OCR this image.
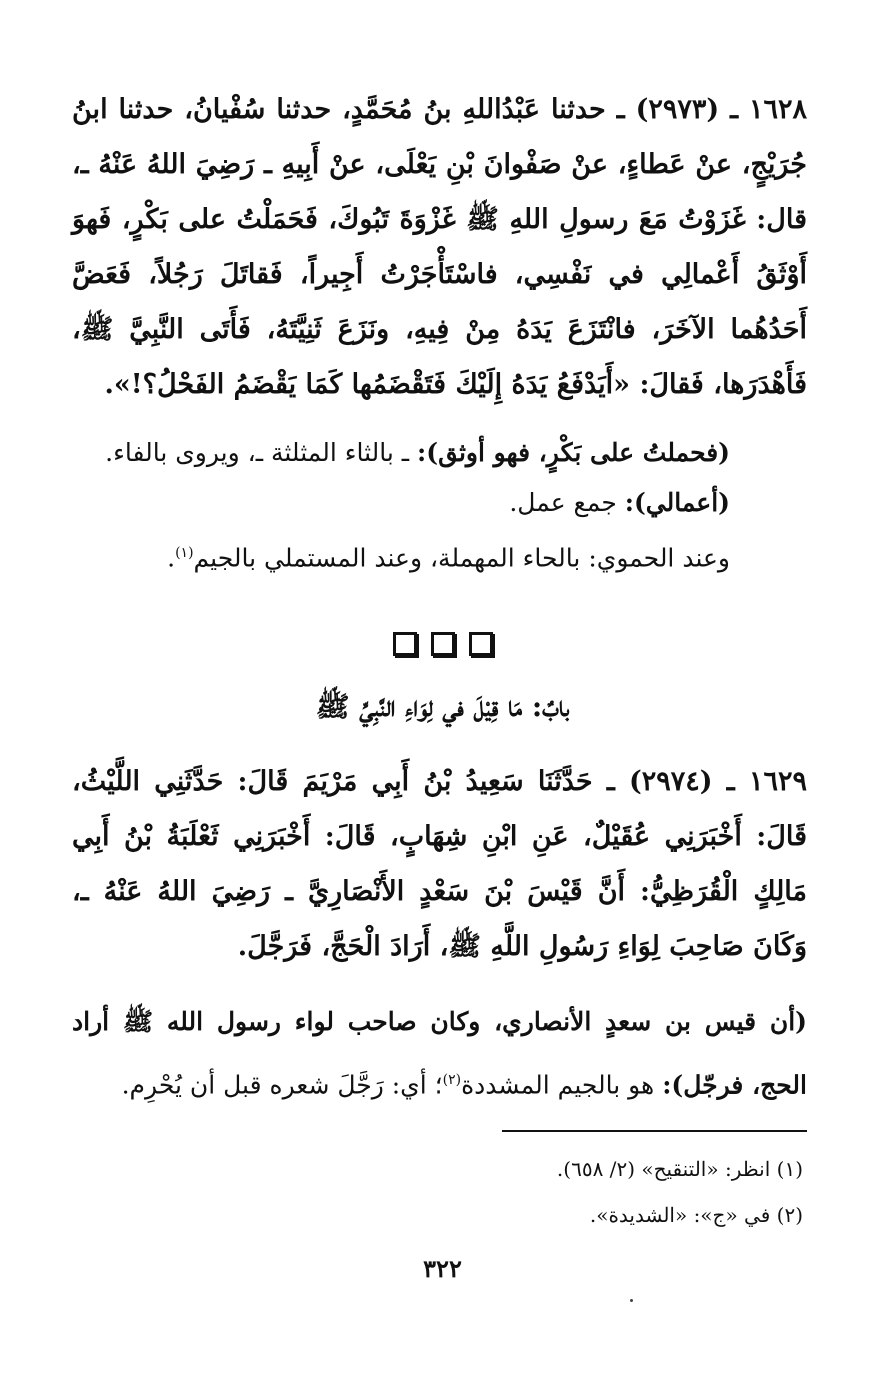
١٦٢٨ ـ (٢٩٧٣) ـ حدثنا عَبْدُاللهِ بنُ مُحَمَّدٍ، حدثنا سُفْيانُ، حدثنا ابنُ جُرَيْجٍ، عنْ عَطاءٍ، عنْ صَفْوانَ بْنِ يَعْلَى، عنْ أَبِيهِ ـ رَضِيَ اللهُ عَنْهُ ـ، قال: غَزَوْتُ مَعَ رسولِ اللهِ ﷺ غَزْوَةَ تَبُوكَ، فَحَمَلْتُ على بَكْرٍ، فَهوَ أَوْثَقُ أَعْمالِي في نَفْسِي، فاسْتَأْجَرْتُ أَجِيراً، فَقاتَلَ رَجُلاً، فَعَضَّ أَحَدُهُما الآخَرَ، فانْتَزَعَ يَدَهُ مِنْ فِيهِ، ونَزَعَ ثَنِيَّتَهُ، فَأَتَى النَّبِيَّ ﷺ، فَأَهْدَرَها، فَقالَ: «أَيَدْفَعُ يَدَهُ إِلَيْكَ فَتَقْضَمُها كَمَا يَقْضَمُ الفَحْلُ؟!».

(فحملتُ على بَكْرٍ، فهو أوثق): ـ بالثاء المثلثة ـ، ويروى بالفاء.

(أعمالي): جمع عمل.

وعند الحموي: بالحاء المهملة، وعند المستملي بالجيم$^{(١)}$.

بابٌ: مَا قِيْلَ في لِوَاءِ النَّبِيِّ ﷺ
١٦٢٩ ـ (٢٩٧٤) ـ حَدَّثَنَا سَعِيدُ بْنُ أَبِي مَرْيَمَ قَالَ: حَدَّثَنِي اللَّيْثُ، قَالَ: أَخْبَرَنِي عُقَيْلٌ، عَنِ ابْنِ شِهَابٍ، قَالَ: أَخْبَرَنِي ثَعْلَبَةُ بْنُ أَبِي مَالِكٍ الْقُرَظِيُّ: أَنَّ قَيْسَ بْنَ سَعْدٍ الأَنْصَارِيَّ ـ رَضِيَ اللهُ عَنْهُ ـ، وَكَانَ صَاحِبَ لِوَاءِ رَسُولِ اللَّهِ ﷺ، أَرَادَ الْحَجَّ، فَرَجَّلَ.
(أن قيس بن سعدٍ الأنصاري، وكان صاحب لواء رسول الله ﷺ أراد الحج، فرجّل): هو بالجيم المشددة$^{(٢)}$؛ أي: رَجَّلَ شعره قبل أن يُحْرِم.

(١) انظر: «التنقيح» (٢/ ٦٥٨).

(٢) في «ج»: «الشديدة».

٣٢٢
